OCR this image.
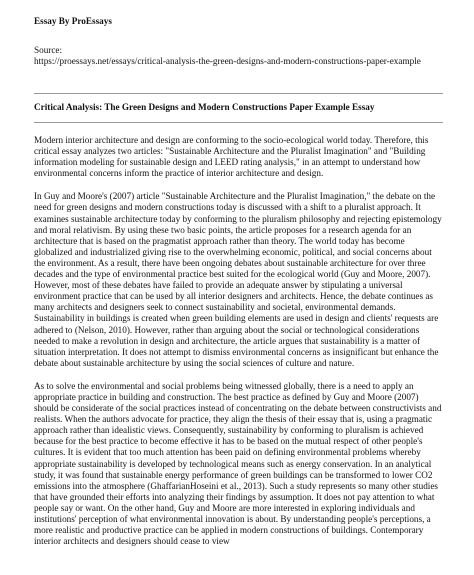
Essay By ProEssays
Source:
https://proessays.net/essays/critical-analysis-the-green-designs-and-modern-constructions-paper-example
Critical Analysis: The Green Designs and Modern Constructions Paper Example Essay

Modern interior architecture and design are conforming to the socio-ecological world today. Therefore, this critical essay analyzes two articles: "Sustainable Architecture and the Pluralist Imagination" and "Building information modeling for sustainable design and LEED rating analysis," in an attempt to understand how environmental concerns inform the practice of interior architecture and design.

In Guy and Moore's (2007) article "Sustainable Architecture and the Pluralist Imagination," the debate on the need for green designs and modern constructions today is discussed with a shift to a pluralist approach. It examines sustainable architecture today by conforming to the pluralism philosophy and rejecting epistemology and moral relativism. By using these two basic points, the article proposes for a research agenda for an architecture that is based on the pragmatist approach rather than theory. The world today has become globalized and industrialized giving rise to the overwhelming economic, political, and social concerns about the environment. As a result, there have been ongoing debates about sustainable architecture for over three decades and the type of environmental practice best suited for the ecological world (Guy and Moore, 2007). However, most of these debates have failed to provide an adequate answer by stipulating a universal environment practice that can be used by all interior designers and architects. Hence, the debate continues as many architects and designers seek to connect sustainability and societal, environmental demands. Sustainability in buildings is created when green building elements are used in design and clients' requests are adhered to (Nelson, 2010). However, rather than arguing about the social or technological considerations needed to make a revolution in design and architecture, the article argues that sustainability is a matter of situation interpretation. It does not attempt to dismiss environmental concerns as insignificant but enhance the debate about sustainable architecture by using the social sciences of culture and nature.

As to solve the environmental and social problems being witnessed globally, there is a need to apply an appropriate practice in building and construction. The best practice as defined by Guy and Moore (2007) should be considerate of the social practices instead of concentrating on the debate between constructivists and realists. When the authors advocate for practice, they align the thesis of their essay that is, using a pragmatic approach rather than idealistic views. Consequently, sustainability by conforming to pluralism is achieved because for the best practice to become effective it has to be based on the mutual respect of other people's cultures. It is evident that too much attention has been paid on defining environmental problems whereby appropriate sustainability is developed by technological means such as energy conservation. In an analytical study, it was found that sustainable energy performance of green buildings can be transformed to lower CO2 emissions into the atmosphere (GhaffarianHoseini et al., 2013). Such a study represents so many other studies that have grounded their efforts into analyzing their findings by assumption. It does not pay attention to what people say or want. On the other hand, Guy and Moore are more interested in exploring individuals and institutions' perception of what environmental innovation is about. By understanding people's perceptions, a more realistic and productive practice can be applied in modern constructions of buildings. Contemporary interior architects and designers should cease to view
